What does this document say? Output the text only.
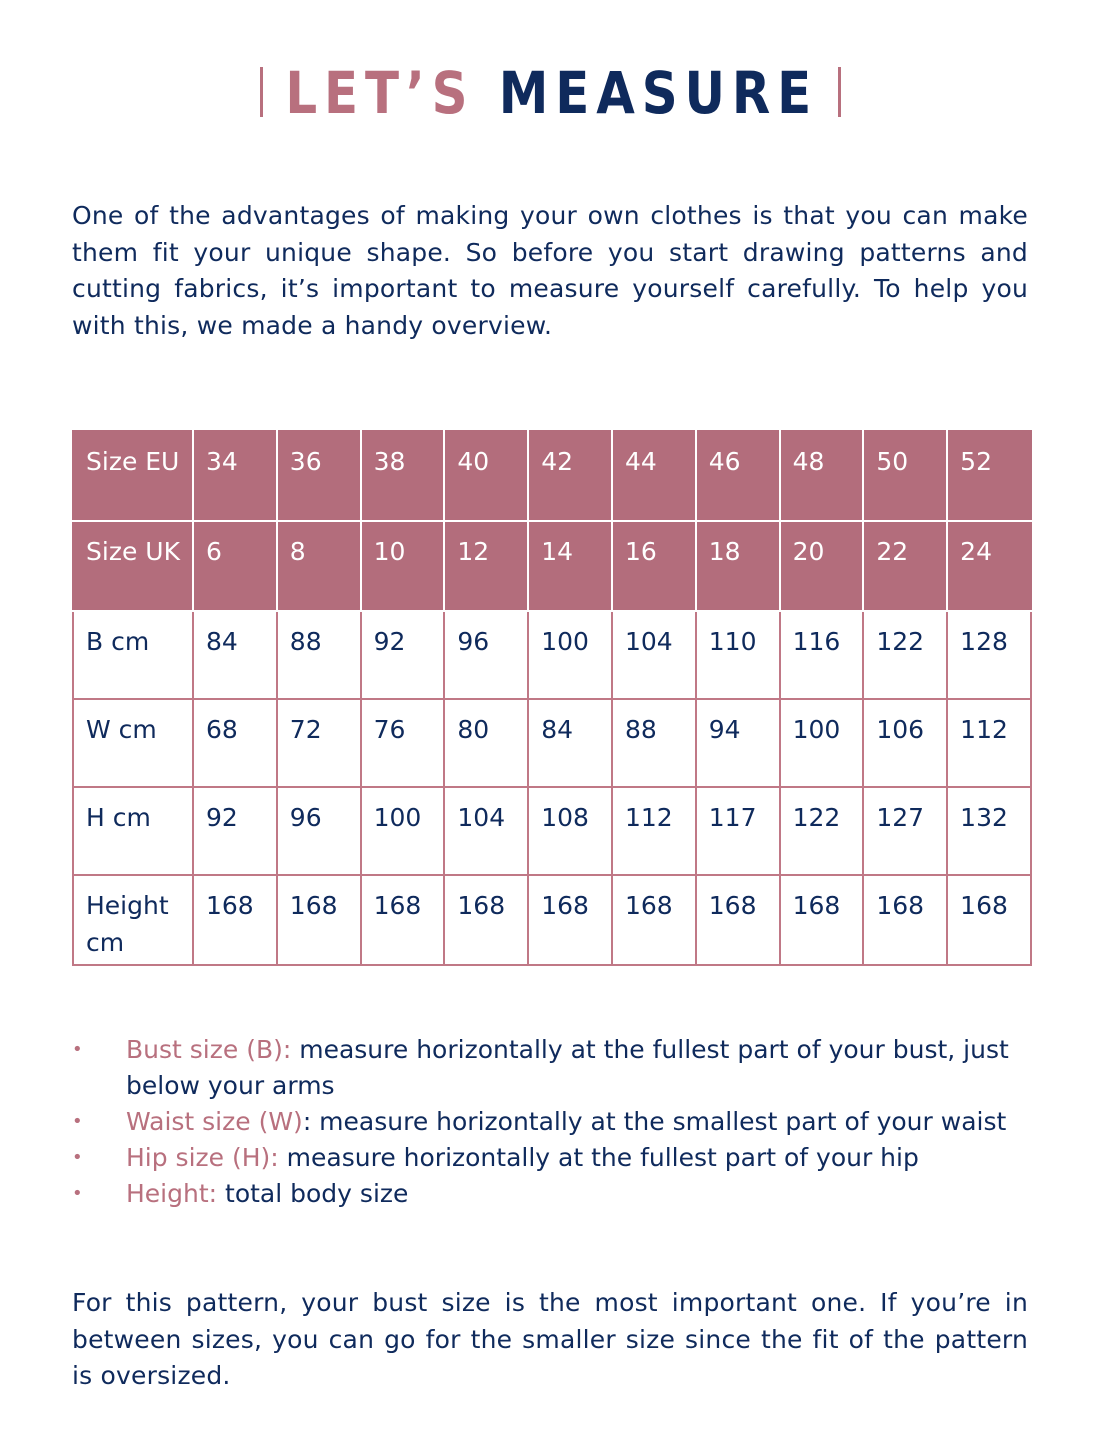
LET’S MEASURE

One of the advantages of making your own clothes is that you can make them fit your unique shape. So before you start drawing patterns and cutting fabrics, it’s important to measure yourself carefully. To help you with this, we made a handy overview.

Size EU	34	36	38	40	42	44	46	48	50	52
Size UK	6	8	10	12	14	16	18	20	22	24
B cm	84	88	92	96	100	104	110	116	122	128
W cm	68	72	76	80	84	88	94	100	106	112
H cm	92	96	100	104	108	112	117	122	127	132
Height cm	168	168	168	168	168	168	168	168	168	168
• Bust size (B): measure horizontally at the fullest part of your bust, just below your arms
• Waist size (W): measure horizontally at the smallest part of your waist
• Hip size (H): measure horizontally at the fullest part of your hip
• Height: total body size

For this pattern, your bust size is the most important one. If you’re in between sizes, you can go for the smaller size since the fit of the pattern is oversized.
